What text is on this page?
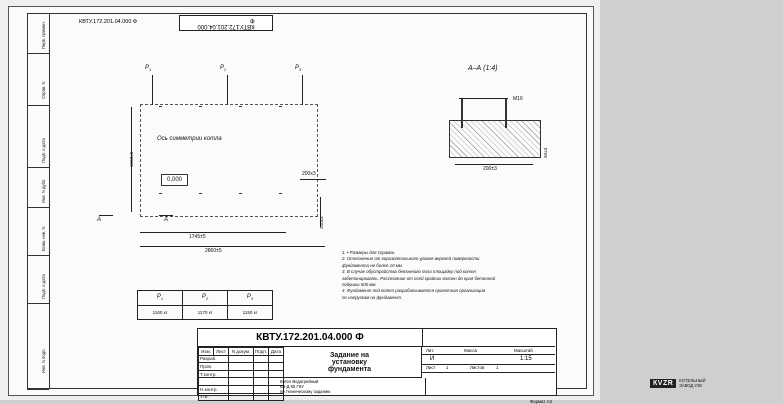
Перв. примен.
Справ. N
Подп. и дата
Инв. N дубл.
Взам. инв. N
Подп. и дата
Инв. N подл.
КВТУ.172.201.04.000 Ф
КВТУ.172.201.04.000 Ф
Ось симметрии котла
0,000
$Р_1$	$Р_2$	$Р_3$
1560±5
1745±5
2860±5
200х3
200х3
А	А
А–А (1:4)
М16
200±3
50±3
$Р_1$	$Р_2$	$Р_3$
1160 кг	1170 кг	1150 кг
1. • Размеры для справок.
2. Отклонение от горизонтального уровня верхней поверхности
фундамента не более 10 мм.
3. В случае обустройства бетонного пола площадку под котел
забетонировать. Расстояние от осей крайних колонн до края бетонной
подушки 500 мм.
4. Фундамент под котел разрабатывается проектная организация
по нагрузкам на фундамент.
КВТУ.172.201.04.000 Ф
Изм.	Лист	N докум.	Подп.	Дата
Разраб.				
Пров.				
Т.контр.				

Н.контр.				
Утв.				
Задание на
установку
фундамента
Котел Водогрейный
КВ-Д 65 ГКУ
по техническому заданию
Лит.	Масса	Масштаб
И	1:15
Лист 1	Листов	1
КVZR	КОТЕЛЬНЫЙ
ЗАВОД УЗК
Формат А3
